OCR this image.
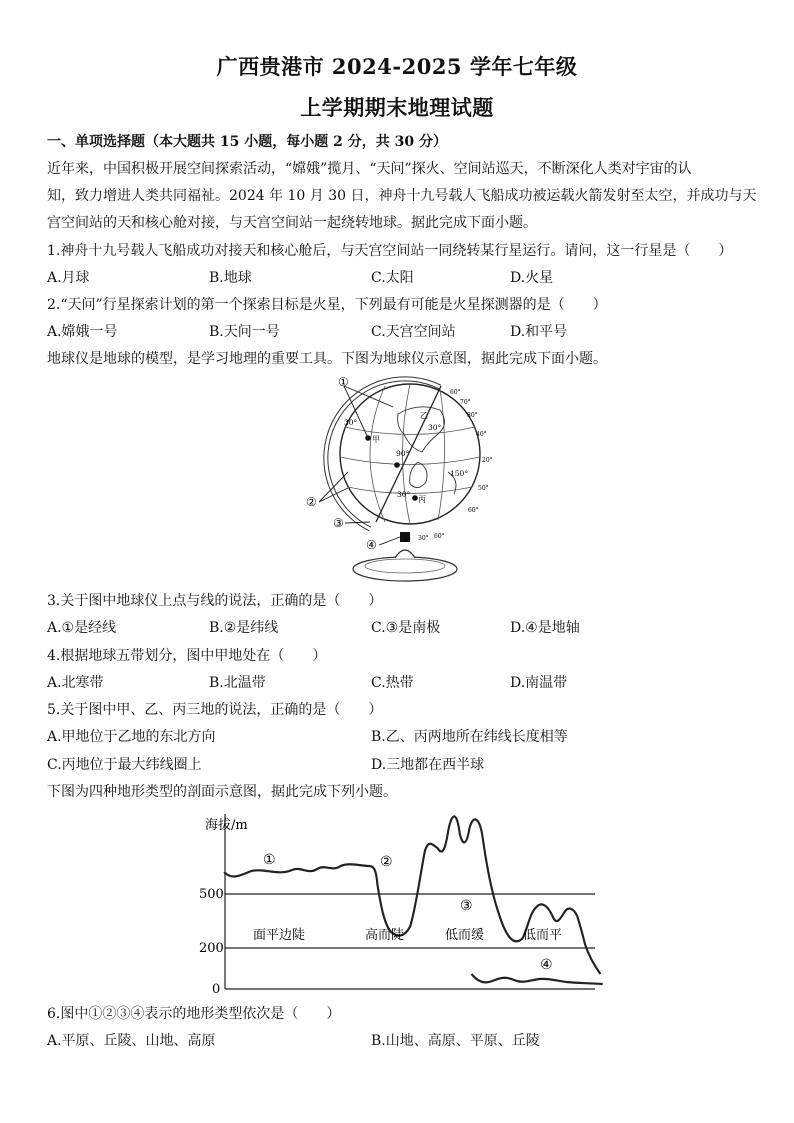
广西贵港市 2024-2025 学年七年级
上学期期末地理试题
一、单项选择题（本大题共 15 小题，每小题 2 分，共 30 分）
近年来，中国积极开展空间探索活动，“嫦娥”揽月、“天问”探火、空间站巡天，不断深化人类对宇宙的认
知，致力增进人类共同福祉。2024 年 10 月 30 日，神舟十九号载人飞船成功被运载火箭发射至太空，并成功与天
宫空间站的天和核心舱对接，与天宫空间站一起绕转地球。据此完成下面小题。
1.神舟十九号载人飞船成功对接天和核心舱后，与天宫空间站一同绕转某行星运行。请问，这一行星是（　　）
A.月球	B.地球	C.太阳	D.火星
2.“天问”行星探索计划的第一个探索目标是火星，下列最有可能是火星探测器的是（　　）
A.嫦娥一号	B.天问一号	C.天宫空间站	D.和平号
地球仪是地球的模型，是学习地理的重要工具。下图为地球仪示意图，据此完成下面小题。
①
②
③
④
甲
乙
丙
30°
30°
90°
150°
30°
60°
70°
80°
40°
20°
50°
60°
60°
30°
0°
3.关于图中地球仪上点与线的说法，正确的是（　　）
A.①是经线	B.②是纬线	C.③是南极	D.④是地轴
4.根据地球五带划分，图中甲地处在（　　）
A.北寒带	B.北温带	C.热带	D.南温带
5.关于图中甲、乙、丙三地的说法，正确的是（　　）
A.甲地位于乙地的东北方向	B.乙、丙两地所在纬线长度相等
C.丙地位于最大纬线圈上	D.三地都在西半球
下图为四种地形类型的剖面示意图，据此完成下列小题。
海拔/m
500
200
0
①	②
③
④
面平边陡	高而陡	低而缓	低而平
6.图中①②③④表示的地形类型依次是（　　）
A.平原、丘陵、山地、高原	B.山地、高原、平原、丘陵
